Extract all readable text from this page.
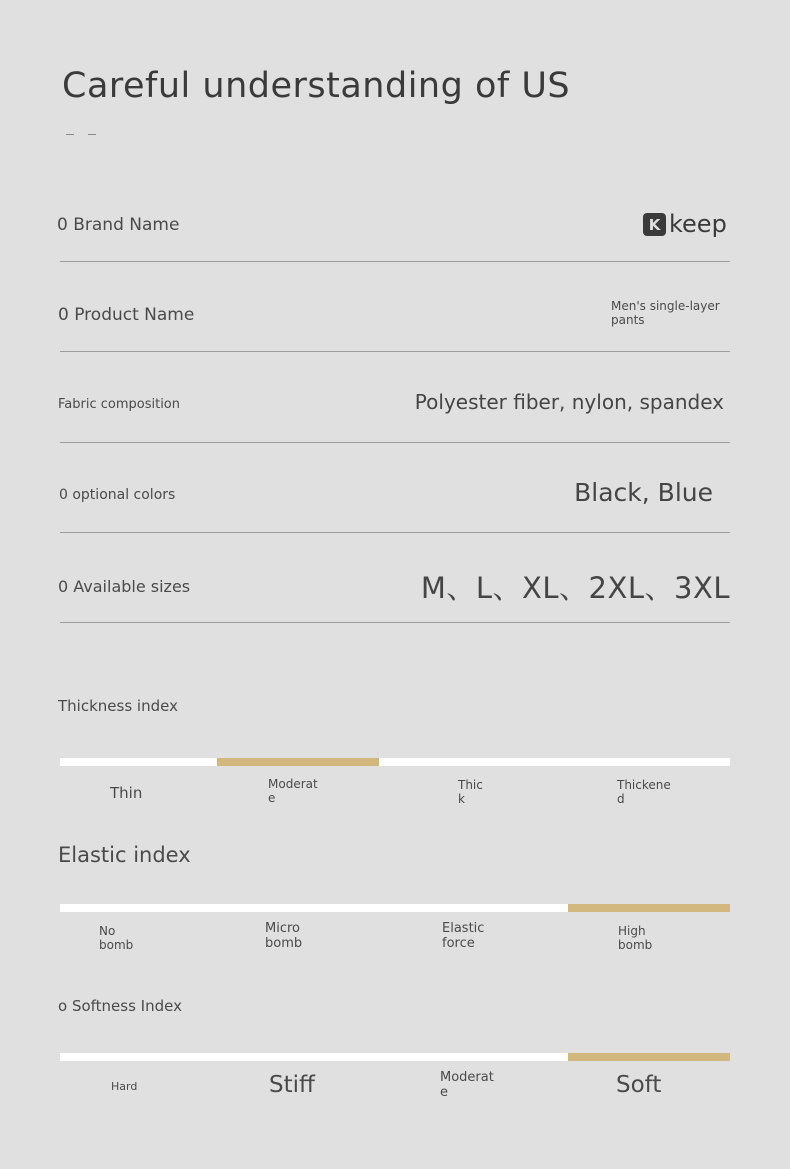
Careful understanding of US
0 Brand Name	K keep
0 Product Name	Men's single-layer
pants
Fabric composition	Polyester fiber, nylon, spandex
0 optional colors	Black, Blue
0 Available sizes	M、L、XL、2XL、3XL
Thickness index
Thin	Moderat
e
Thic
k
Thickene
d
Elastic index
No
bomb
Micro
bomb
Elastic
force
High
bomb
o Softness Index
Hard	Stiff	Moderat
e	Soft
